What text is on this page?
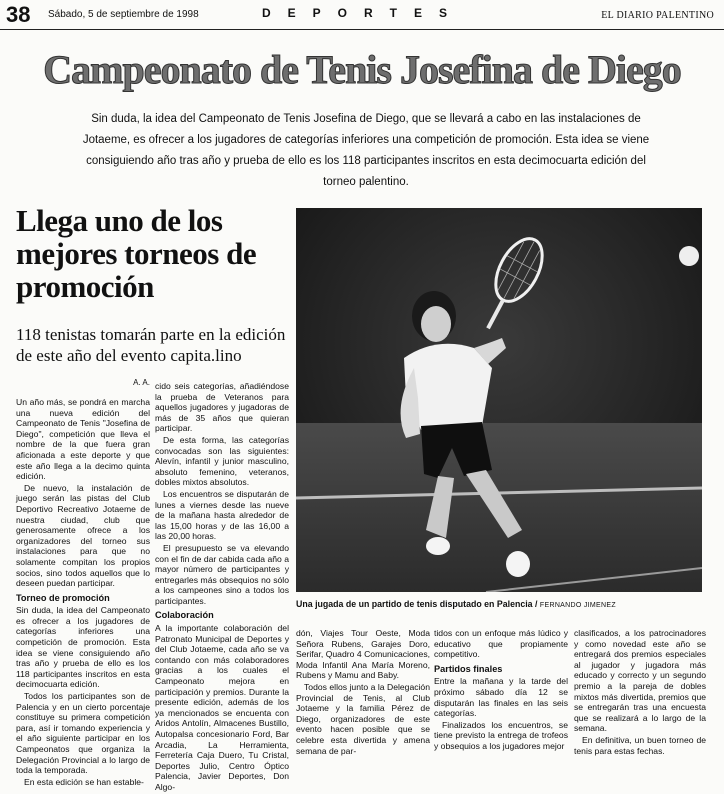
38 Sábado, 5 de septiembre de 1998	DEPORTES	EL DIARIO PALENTINO
Campeonato de Tenis Josefina de Diego
Sin duda, la idea del Campeonato de Tenis Josefina de Diego, que se llevará a cabo en las instalaciones de Jotaeme, es ofrecer a los jugadores de categorías inferiores una competición de promoción. Esta idea se viene consiguiendo año tras año y prueba de ello es los 118 participantes inscritos en esta decimocuarta edición del torneo palentino.
Llega uno de los mejores torneos de promoción
118 tenistas tomarán parte en la edición de este año del evento capita.lino
A. A.
Una jugada de un partido de tenis disputado en Palencia / FERNANDO JIMENEZ

Un año más, se pondrá en marcha una nueva edición del Campeonato de Tenis "Josefina de Diego", competición que lleva el nombre de la que fuera gran aficionada a este deporte y que este año llega a la decimo quinta edición.

De nuevo, la instalación de juego serán las pistas del Club Deportivo Recreativo Jotaeme de nuestra ciudad, club que generosamente ofrece a los organizadores del torneo sus instalaciones para que no solamente compitan los propios socios, sino todos aquellos que lo deseen puedan participar.

Torneo de promoción

Sin duda, la idea del Campeonato es ofrecer a los jugadores de categorías inferiores una competición de promoción. Esta idea se viene consiguiendo año tras año y prueba de ello es los 118 participantes inscritos en esta decimocuarta edición.

Todos los participantes son de Palencia y en un cierto porcentaje constituye su primera competición para, así ir tomando experiencia y el año siguiente participar en los Campeonatos que organiza la Delegación Provincial a lo largo de toda la temporada.

En esta edición se han estable-

cido seis categorías, añadiéndose la prueba de Veteranos para aquellos jugadores y jugadoras de más de 35 años que quieran participar.

De esta forma, las categorías convocadas son las siguientes: Alevín, infantil y junior masculino, absoluto femenino, veteranos, dobles mixtos absolutos.

Los encuentros se disputarán de lunes a viernes desde las nueve de la mañana hasta alrededor de las 15,00 horas y de las 16,00 a las 20,00 horas.

El presupuesto se va elevando con el fin de dar cabida cada año a mayor número de participantes y entregarles más obsequios no sólo a los campeones sino a todos los participantes.

Colaboración

A la importante colaboración del Patronato Municipal de Deportes y del Club Jotaeme, cada año se va contando con más colaboradores gracias a los cuales el Campeonato mejora en participación y premios. Durante la presente edición, además de los ya mencionados se encuenta con Aridos Antolín, Almacenes Bustillo, Autopalsa concesionario Ford, Bar Arcadia, La Herramienta, Ferretería Caja Duero, Tu Cristal, Deportes Julio, Centro Óptico Palencia, Javier Deportes, Don Algo-

dón, Viajes Tour Oeste, Moda Señora Rubens, Garajes Doro, Serifar, Quadro 4 Comunicaciones, Moda Infantil Ana María Moreno, Rubens y Mamu and Baby.

Todos ellos junto a la Delegación Provincial de Tenis, al Club Jotaeme y la familia Pérez de Diego, organizadores de este evento hacen posible que se celebre esta divertida y amena semana de par-

tidos con un enfoque más lúdico y educativo que propiamente competitivo.

Partidos finales

Entre la mañana y la tarde del próximo sábado día 12 se disputarán las finales en las seis categorías.

Finalizados los encuentros, se tiene previsto la entrega de trofeos y obsequios a los jugadores mejor

clasificados, a los patrocinadores y como novedad este año se entregará dos premios especiales al jugador y jugadora más educado y correcto y un segundo premio a la pareja de dobles mixtos más divertida, premios que se entregarán tras una encuesta que se realizará a lo largo de la semana.

En definitiva, un buen torneo de tenis para estas fechas.
